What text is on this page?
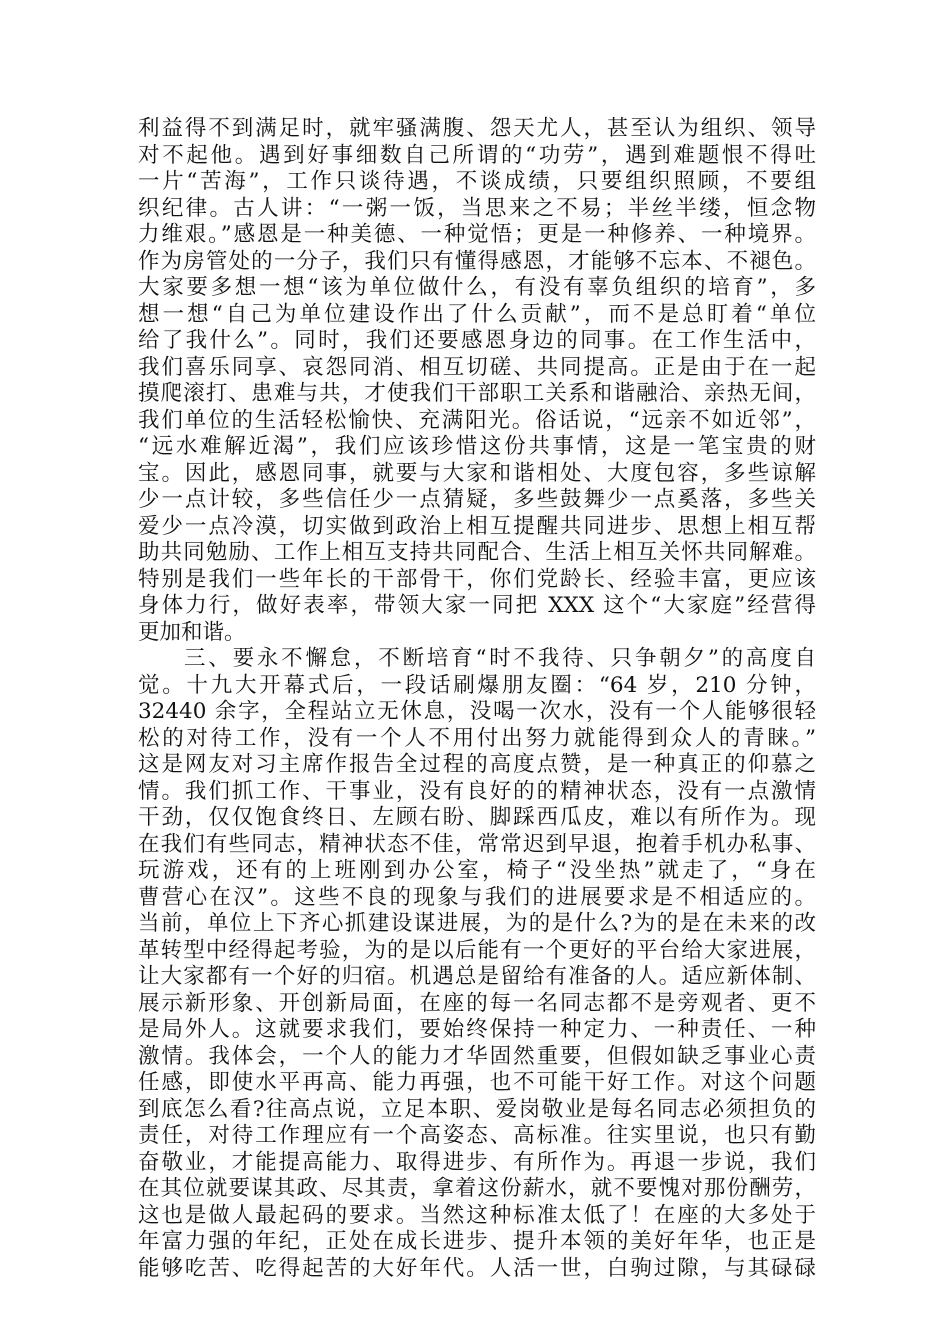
利益得不到满足时，就牢骚满腹、怨天尤人，甚至认为组织、领导
对不起他。遇到好事细数自己所谓的“功劳”，遇到难题恨不得吐
一片“苦海”，工作只谈待遇，不谈成绩，只要组织照顾，不要组
织纪律。古人讲：“一粥一饭，当思来之不易；半丝半缕，恒念物
力维艰。”感恩是一种美德、一种觉悟；更是一种修养、一种境界。
作为房管处的一分子，我们只有懂得感恩，才能够不忘本、不褪色。
大家要多想一想“该为单位做什么，有没有辜负组织的培育”，多
想一想“自己为单位建设作出了什么贡献”，而不是总盯着“单位
给了我什么”。同时，我们还要感恩身边的同事。在工作生活中，
我们喜乐同享、哀怨同消、相互切磋、共同提高。正是由于在一起
摸爬滚打、患难与共，才使我们干部职工关系和谐融洽、亲热无间，
我们单位的生活轻松愉快、充满阳光。俗话说，“远亲不如近邻”，
“远水难解近渴”，我们应该珍惜这份共事情，这是一笔宝贵的财
宝。因此，感恩同事，就要与大家和谐相处、大度包容，多些谅解
少一点计较，多些信任少一点猜疑，多些鼓舞少一点奚落，多些关
爱少一点冷漠，切实做到政治上相互提醒共同进步、思想上相互帮
助共同勉励、工作上相互支持共同配合、生活上相互关怀共同解难。
特别是我们一些年长的干部骨干，你们党龄长、经验丰富，更应该
身体力行，做好表率，带领大家一同把 XXX 这个“大家庭”经营得
更加和谐。
三、要永不懈怠，不断培育“时不我待、只争朝夕”的高度自
觉。十九大开幕式后，一段话刷爆朋友圈：“64 岁，210 分钟，
32440 余字，全程站立无休息，没喝一次水，没有一个人能够很轻
松的对待工作，没有一个人不用付出努力就能得到众人的青睐。”
这是网友对习主席作报告全过程的高度点赞，是一种真正的仰慕之
情。我们抓工作、干事业，没有良好的的精神状态，没有一点激情
干劲，仅仅饱食终日、左顾右盼、脚踩西瓜皮，难以有所作为。现
在我们有些同志，精神状态不佳，常常迟到早退，抱着手机办私事、
玩游戏，还有的上班刚到办公室，椅子“没坐热”就走了，“身在
曹营心在汉”。这些不良的现象与我们的进展要求是不相适应的。
当前，单位上下齐心抓建设谋进展，为的是什么?为的是在未来的改
革转型中经得起考验，为的是以后能有一个更好的平台给大家进展，
让大家都有一个好的归宿。机遇总是留给有准备的人。适应新体制、
展示新形象、开创新局面，在座的每一名同志都不是旁观者、更不
是局外人。这就要求我们，要始终保持一种定力、一种责任、一种
激情。我体会，一个人的能力才华固然重要，但假如缺乏事业心责
任感，即使水平再高、能力再强，也不可能干好工作。对这个问题
到底怎么看?往高点说，立足本职、爱岗敬业是每名同志必须担负的
责任，对待工作理应有一个高姿态、高标准。往实里说，也只有勤
奋敬业，才能提高能力、取得进步、有所作为。再退一步说，我们
在其位就要谋其政、尽其责，拿着这份薪水，就不要愧对那份酬劳，
这也是做人最起码的要求。当然这种标准太低了！在座的大多处于
年富力强的年纪，正处在成长进步、提升本领的美好年华，也正是
能够吃苦、吃得起苦的大好年代。人活一世，白驹过隙，与其碌碌
